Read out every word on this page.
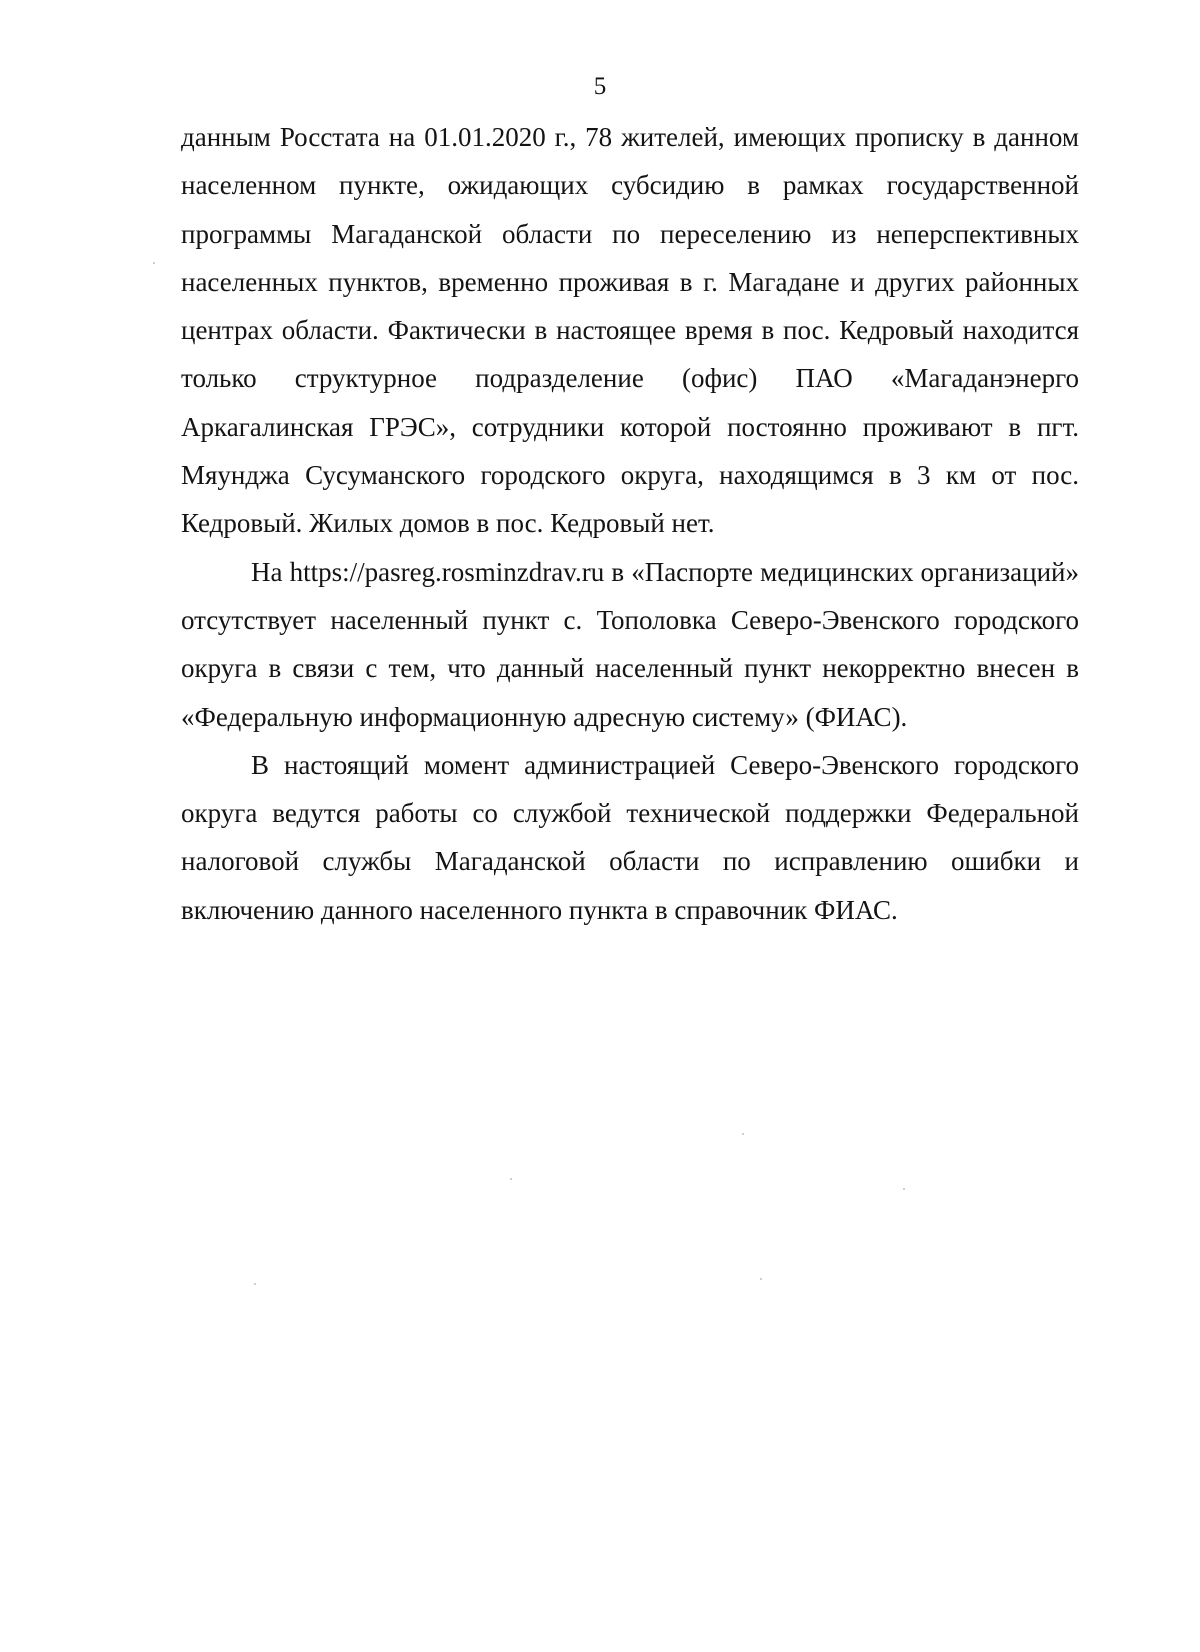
5

данным Росстата на 01.01.2020 г., 78 жителей, имеющих прописку в данном населенном пункте, ожидающих субсидию в рамках государственной программы Магаданской области по переселению из неперспективных населенных пунктов, временно проживая в г. Магадане и других районных центрах области. Фактически в настоящее время в пос. Кедровый находится только структурное подразделение (офис) ПАО «Магаданэнерго Аркагалинская ГРЭС», сотрудники которой постоянно проживают в пгт. Мяунджа Сусуманского городского округа, находящимся в 3 км от пос. Кедровый. Жилых домов в пос. Кедровый нет.

На https://pasreg.rosminzdrav.ru в «Паспорте медицинских организаций» отсутствует населенный пункт с. Тополовка Северо-Эвенского городского округа в связи с тем, что данный населенный пункт некорректно внесен в «Федеральную информационную адресную систему» (ФИАС).

В настоящий момент администрацией Северо-Эвенского городского округа ведутся работы со службой технической поддержки Федеральной налоговой службы Магаданской области по исправлению ошибки и включению данного населенного пункта в справочник ФИАС.
